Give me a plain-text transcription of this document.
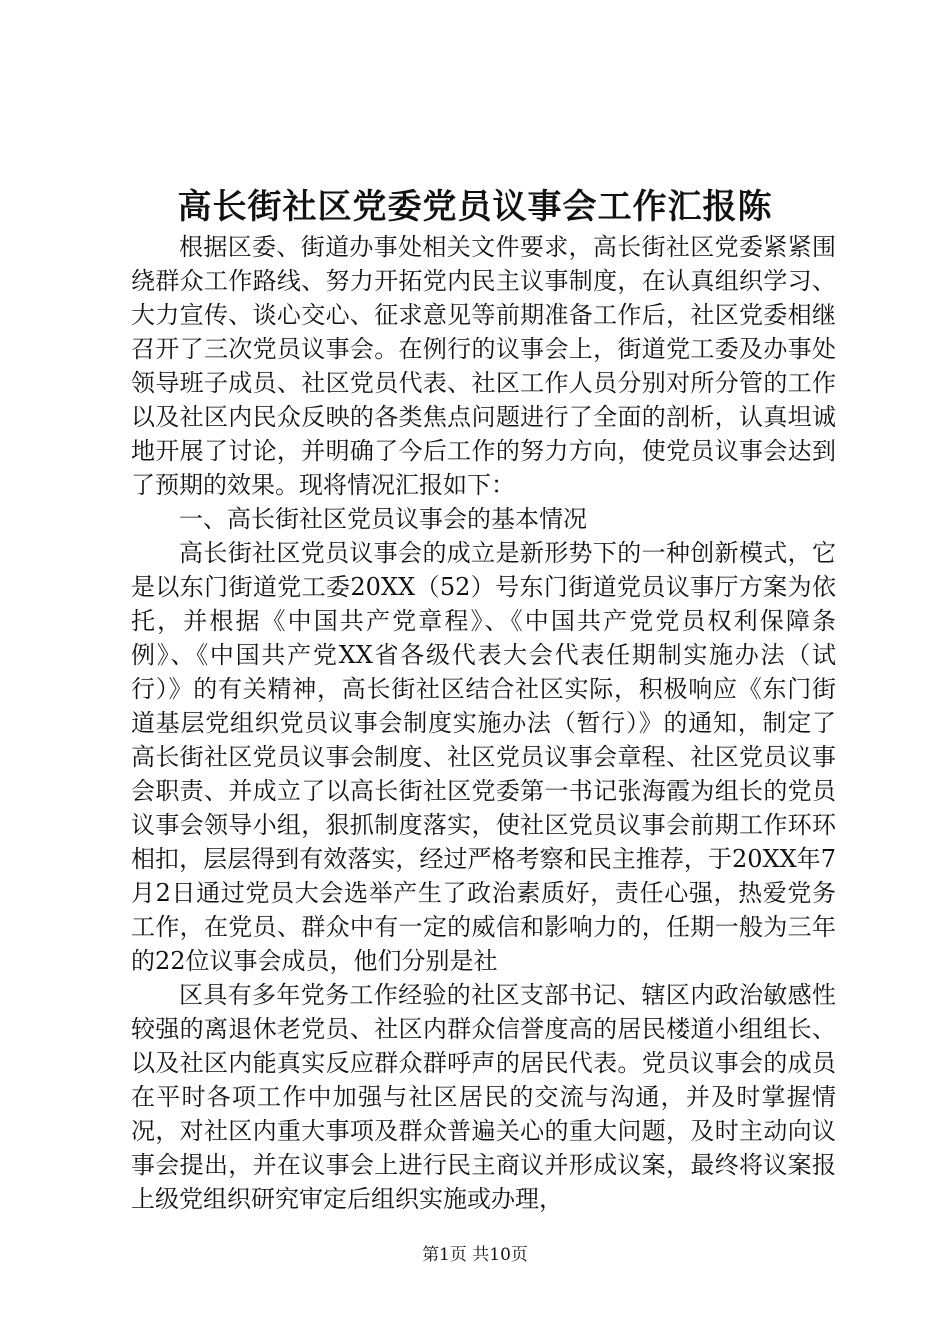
高长街社区党委党员议事会工作汇报陈

根据区委、街道办事处相关文件要求，高长街社区党委紧紧围绕群众工作路线、努力开拓党内民主议事制度，在认真组织学习、大力宣传、谈心交心、征求意见等前期准备工作后，社区党委相继召开了三次党员议事会。在例行的议事会上，街道党工委及办事处领导班子成员、社区党员代表、社区工作人员分别对所分管的工作以及社区内民众反映的各类焦点问题进行了全面的剖析，认真坦诚地开展了讨论，并明确了今后工作的努力方向，使党员议事会达到了预期的效果。现将情况汇报如下：

一、高长街社区党员议事会的基本情况

高长街社区党员议事会的成立是新形势下的一种创新模式，它是以东门街道党工委20XX（52）号东门街道党员议事厅方案为依托，并根据《中国共产党章程》、《中国共产党党员权利保障条例》、《中国共产党XX省各级代表大会代表任期制实施办法（试行）》的有关精神，高长街社区结合社区实际，积极响应《东门街道基层党组织党员议事会制度实施办法（暂行）》的通知，制定了高长街社区党员议事会制度、社区党员议事会章程、社区党员议事会职责、并成立了以高长街社区党委第一书记张海霞为组长的党员议事会领导小组，狠抓制度落实，使社区党员议事会前期工作环环相扣，层层得到有效落实，经过严格考察和民主推荐，于20XX年7月2日通过党员大会选举产生了政治素质好，责任心强，热爱党务工作，在党员、群众中有一定的威信和影响力的，任期一般为三年的22位议事会成员，他们分别是社

区具有多年党务工作经验的社区支部书记、辖区内政治敏感性较强的离退休老党员、社区内群众信誉度高的居民楼道小组组长、以及社区内能真实反应群众群呼声的居民代表。党员议事会的成员在平时各项工作中加强与社区居民的交流与沟通，并及时掌握情况，对社区内重大事项及群众普遍关心的重大问题，及时主动向议事会提出，并在议事会上进行民主商议并形成议案，最终将议案报上级党组织研究审定后组织实施或办理，

第1页 共10页
